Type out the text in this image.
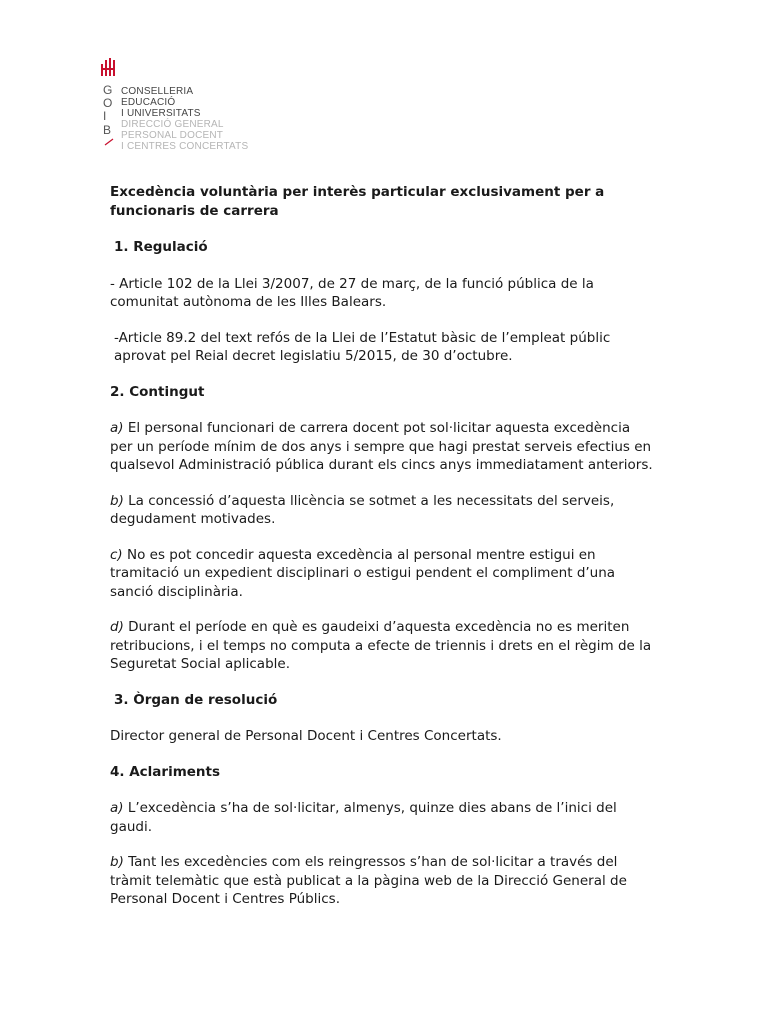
G
O
I
B
CONSELLERIA
EDUCACIÓ
I UNIVERSITATS
DIRECCIÓ GENERAL
PERSONAL DOCENT
I CENTRES CONCERTATS

Excedència voluntària per interès particular exclusivament per a funcionaris de carrera

1. Regulació

- Article 102 de la Llei 3/2007, de 27 de març, de la funció pública de la comunitat autònoma de les Illes Balears.

-Article 89.2 del text refós de la Llei de l’Estatut bàsic de l’empleat públic aprovat pel Reial decret legislatiu 5/2015, de 30 d’octubre.

2. Contingut

a) El personal funcionari de carrera docent pot sol·licitar aquesta excedència per un període mínim de dos anys i sempre que hagi prestat serveis efectius en qualsevol Administració pública durant els cincs anys immediatament anteriors.

b) La concessió d’aquesta llicència se sotmet a les necessitats del serveis, degudament motivades.

c) No es pot concedir aquesta excedència al personal mentre estigui en tramitació un expedient disciplinari o estigui pendent el compliment d’una sanció disciplinària.

d) Durant el període en què es gaudeixi d’aquesta excedència no es meriten retribucions, i el temps no computa a efecte de triennis i drets en el règim de la Seguretat Social aplicable.

3. Òrgan de resolució

Director general de Personal Docent i Centres Concertats.

4. Aclariments

a) L’excedència s’ha de sol·licitar, almenys, quinze dies abans de l’inici del gaudi.

b) Tant les excedències com els reingressos s’han de sol·licitar a través del tràmit telemàtic que està publicat a la pàgina web de la Direcció General de Personal Docent i Centres Públics.
